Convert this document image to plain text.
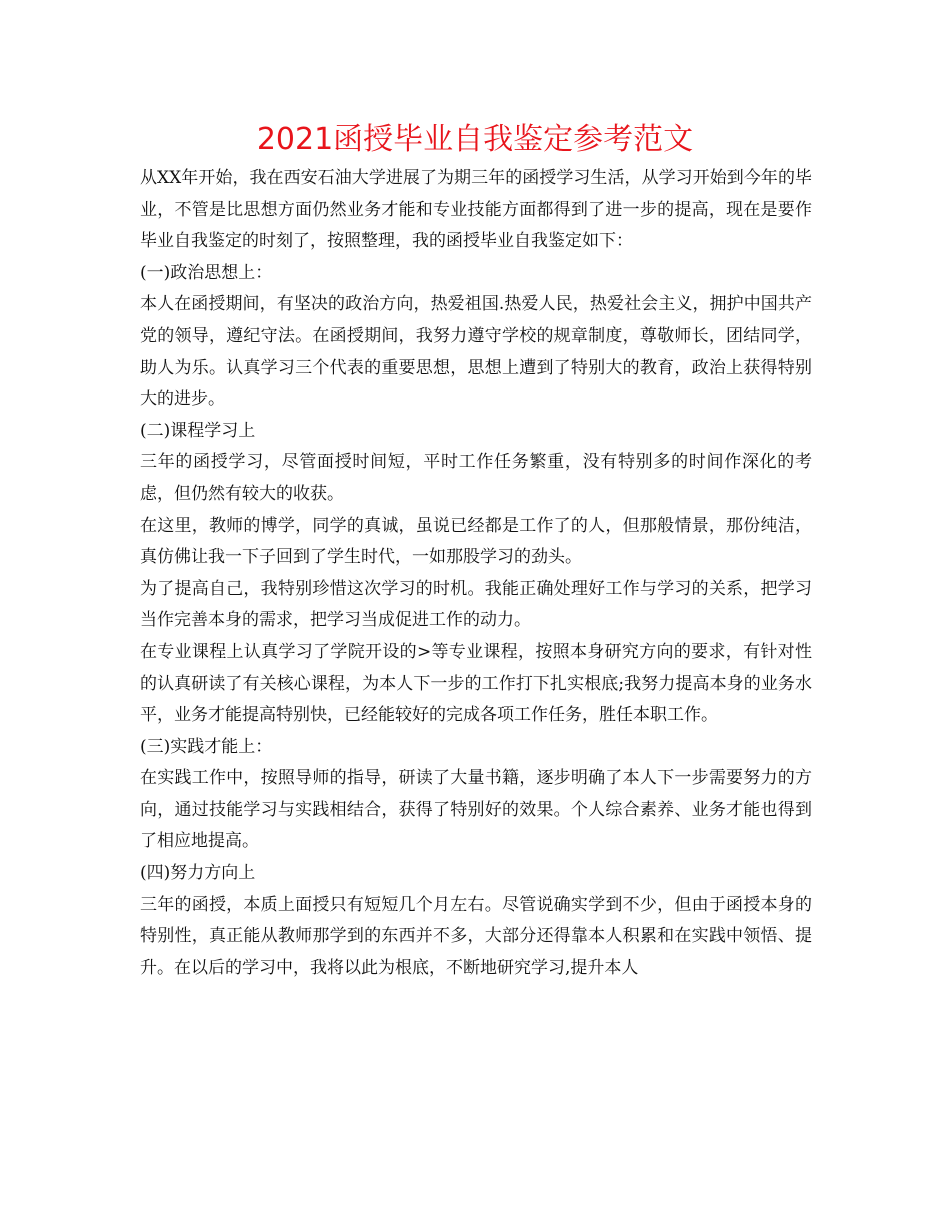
2021函授毕业自我鉴定参考范文

从XX年开始，我在西安石油大学进展了为期三年的函授学习生活，从学习开始到今年的毕业，不管是比思想方面仍然业务才能和专业技能方面都得到了进一步的提高，现在是要作毕业自我鉴定的时刻了，按照整理，我的函授毕业自我鉴定如下：

(一)政治思想上：

本人在函授期间，有坚决的政治方向，热爱祖国.热爱人民，热爱社会主义，拥护中国共产党的领导，遵纪守法。在函授期间，我努力遵守学校的规章制度，尊敬师长，团结同学，助人为乐。认真学习三个代表的重要思想，思想上遭到了特别大的教育，政治上获得特别大的进步。

(二)课程学习上

三年的函授学习，尽管面授时间短，平时工作任务繁重，没有特别多的时间作深化的考虑，但仍然有较大的收获。

在这里，教师的博学，同学的真诚，虽说已经都是工作了的人，但那般情景，那份纯洁，真仿佛让我一下子回到了学生时代，一如那股学习的劲头。

为了提高自己，我特别珍惜这次学习的时机。我能正确处理好工作与学习的关系，把学习当作完善本身的需求，把学习当成促进工作的动力。

在专业课程上认真学习了学院开设的>等专业课程，按照本身研究方向的要求，有针对性的认真研读了有关核心课程，为本人下一步的工作打下扎实根底;我努力提高本身的业务水平，业务才能提高特别快，已经能较好的完成各项工作任务，胜任本职工作。

(三)实践才能上：

在实践工作中，按照导师的指导，研读了大量书籍，逐步明确了本人下一步需要努力的方向，通过技能学习与实践相结合，获得了特别好的效果。个人综合素养、业务才能也得到了相应地提高。

(四)努力方向上

三年的函授，本质上面授只有短短几个月左右。尽管说确实学到不少，但由于函授本身的特别性，真正能从教师那学到的东西并不多，大部分还得靠本人积累和在实践中领悟、提升。在以后的学习中，我将以此为根底，不断地研究学习,提升本人
